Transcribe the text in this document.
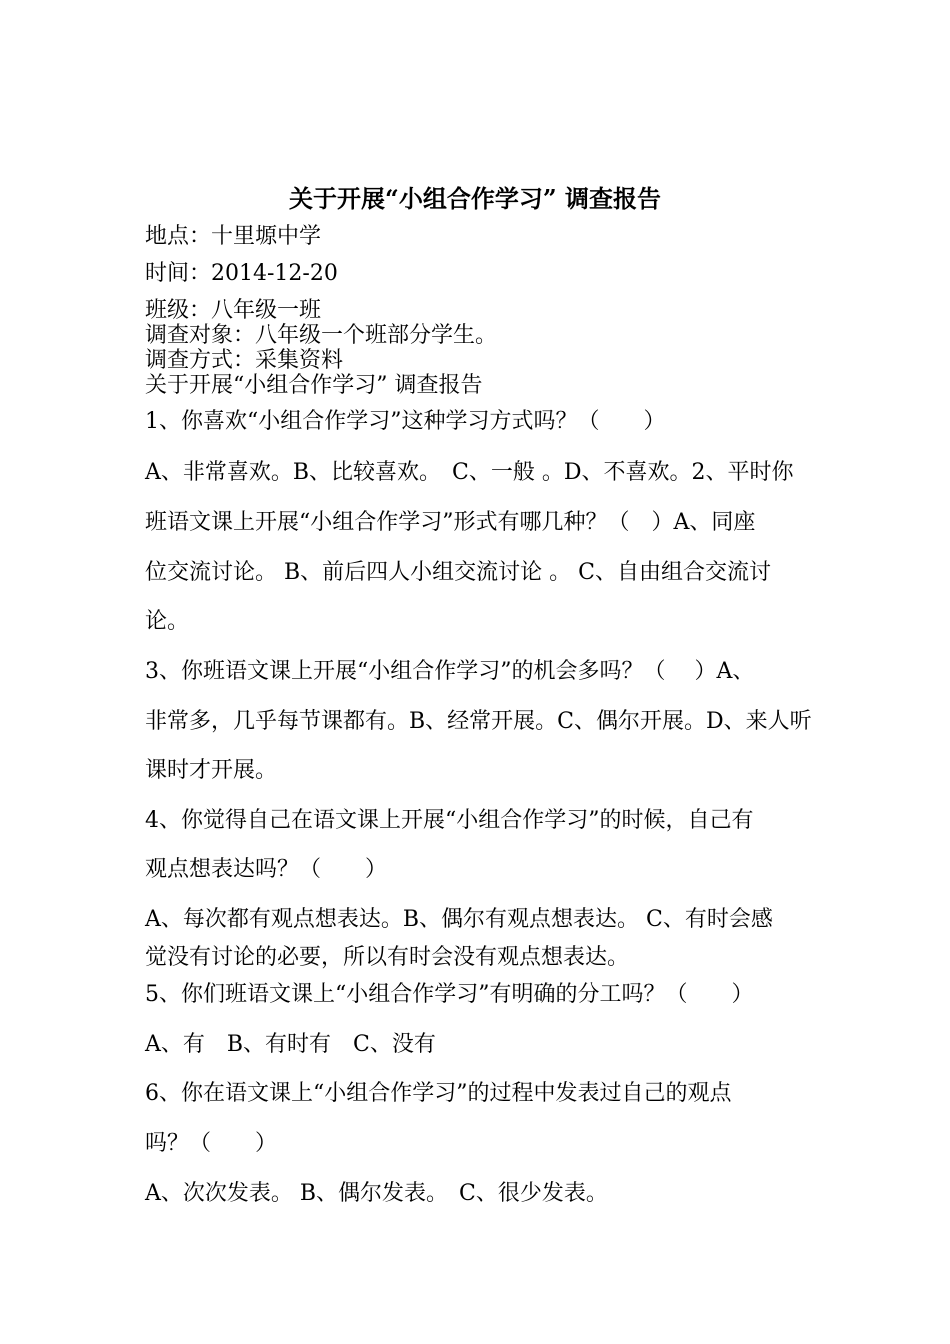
关于开展“小组合作学习” 调查报告
地点：十里塬中学
时间：2014-12-20
班级：八年级一班
调查对象：八年级一个班部分学生。
调查方式：采集资料
关于开展“小组合作学习” 调查报告
1、你喜欢“小组合作学习”这种学习方式吗？（　　）
A、非常喜欢。B、比较喜欢。　C、一般 。D、不喜欢。2、平时你
班语文课上开展“小组合作学习”形式有哪几种？（　）A、同座
位交流讨论。 B、前后四人小组交流讨论 。 C、自由组合交流讨
论。
3、你班语文课上开展“小组合作学习”的机会多吗？（　 ）A、
非常多，几乎每节课都有。B、经常开展。C、偶尔开展。D、来人听
课时才开展。
4、你觉得自己在语文课上开展“小组合作学习”的时候，自己有
观点想表达吗？（　　）
A、每次都有观点想表达。B、偶尔有观点想表达。 C、有时会感
觉没有讨论的必要，所以有时会没有观点想表达。
5、你们班语文课上“小组合作学习”有明确的分工吗？（　　）
A、有　B、有时有　C、没有
6、你在语文课上“小组合作学习”的过程中发表过自己的观点
吗？（　　）
A、次次发表。 B、偶尔发表。　C、很少发表。
